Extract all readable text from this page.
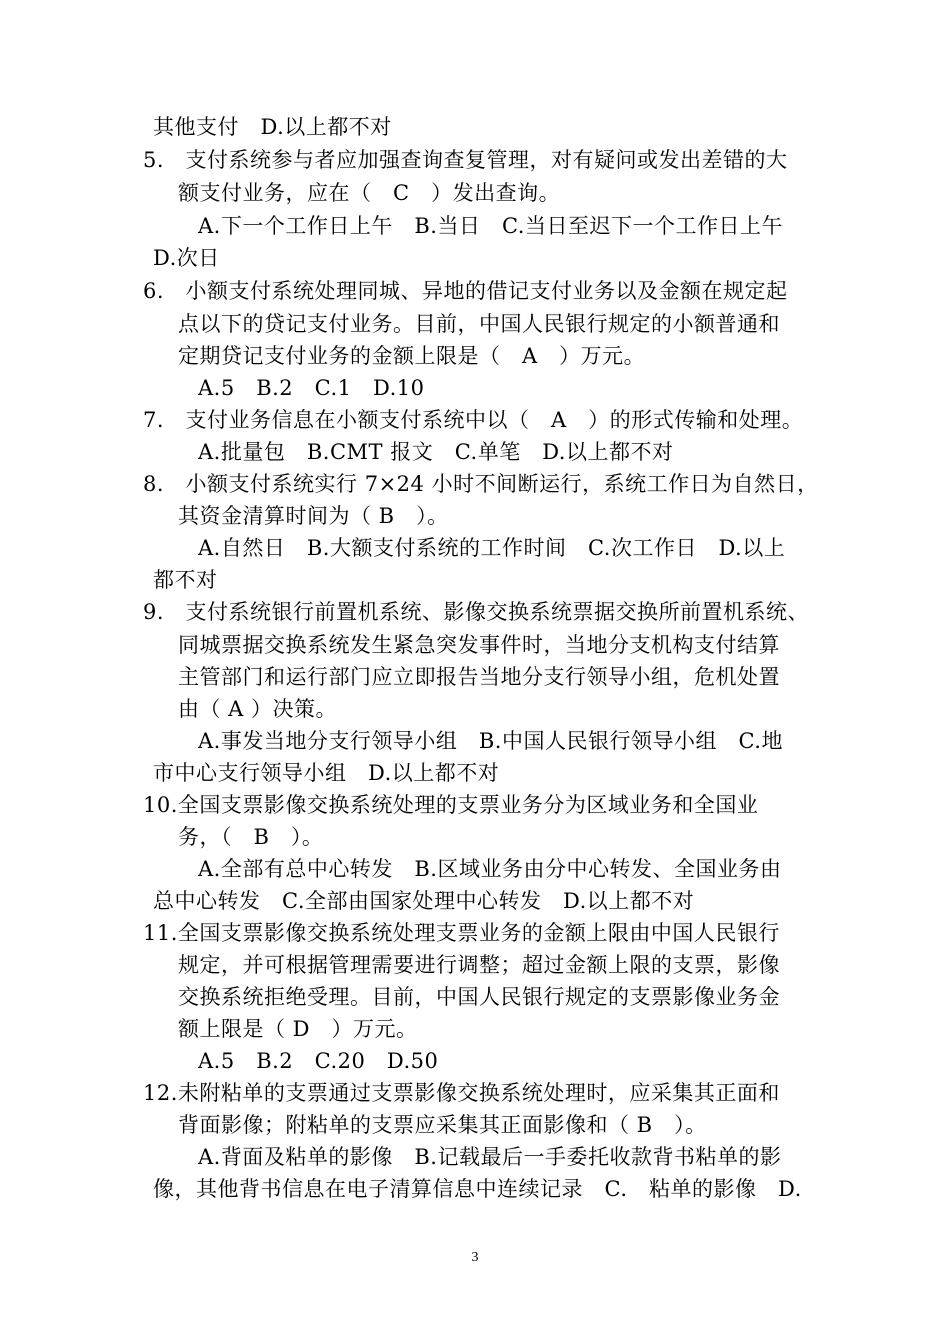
其他支付　D.以上都不对
5.　支付系统参与者应加强查询查复管理，对有疑问或发出差错的大
额支付业务，应在（　C　）发出查询。
A.下一个工作日上午　B.当日　C.当日至迟下一个工作日上午
D.次日
6.　小额支付系统处理同城、异地的借记支付业务以及金额在规定起
点以下的贷记支付业务。目前，中国人民银行规定的小额普通和
定期贷记支付业务的金额上限是（　A　）万元。
A.5　B.2　C.1　D.10
7.　支付业务信息在小额支付系统中以（　A　）的形式传输和处理。
A.批量包　B.CMT 报文　C.单笔　D.以上都不对
8.　小额支付系统实行 7×24 小时不间断运行，系统工作日为自然日，
其资金清算时间为（ B　）。
A.自然日　B.大额支付系统的工作时间　C.次工作日　D.以上
都不对
9.　支付系统银行前置机系统、影像交换系统票据交换所前置机系统、
同城票据交换系统发生紧急突发事件时，当地分支机构支付结算
主管部门和运行部门应立即报告当地分支行领导小组，危机处置
由（ A ）决策。
A.事发当地分支行领导小组　B.中国人民银行领导小组　C.地
市中心支行领导小组　D.以上都不对
10.全国支票影像交换系统处理的支票业务分为区域业务和全国业
务，（　B　）。
A.全部有总中心转发　B.区域业务由分中心转发、全国业务由
总中心转发　C.全部由国家处理中心转发　D.以上都不对
11.全国支票影像交换系统处理支票业务的金额上限由中国人民银行
规定，并可根据管理需要进行调整；超过金额上限的支票，影像
交换系统拒绝受理。目前，中国人民银行规定的支票影像业务金
额上限是（ D　）万元。
A.5　B.2　C.20　D.50
12.未附粘单的支票通过支票影像交换系统处理时，应采集其正面和
背面影像；附粘单的支票应采集其正面影像和（ B　）。
A.背面及粘单的影像　B.记载最后一手委托收款背书粘单的影
像，其他背书信息在电子清算信息中连续记录　C.　粘单的影像　D.
3
